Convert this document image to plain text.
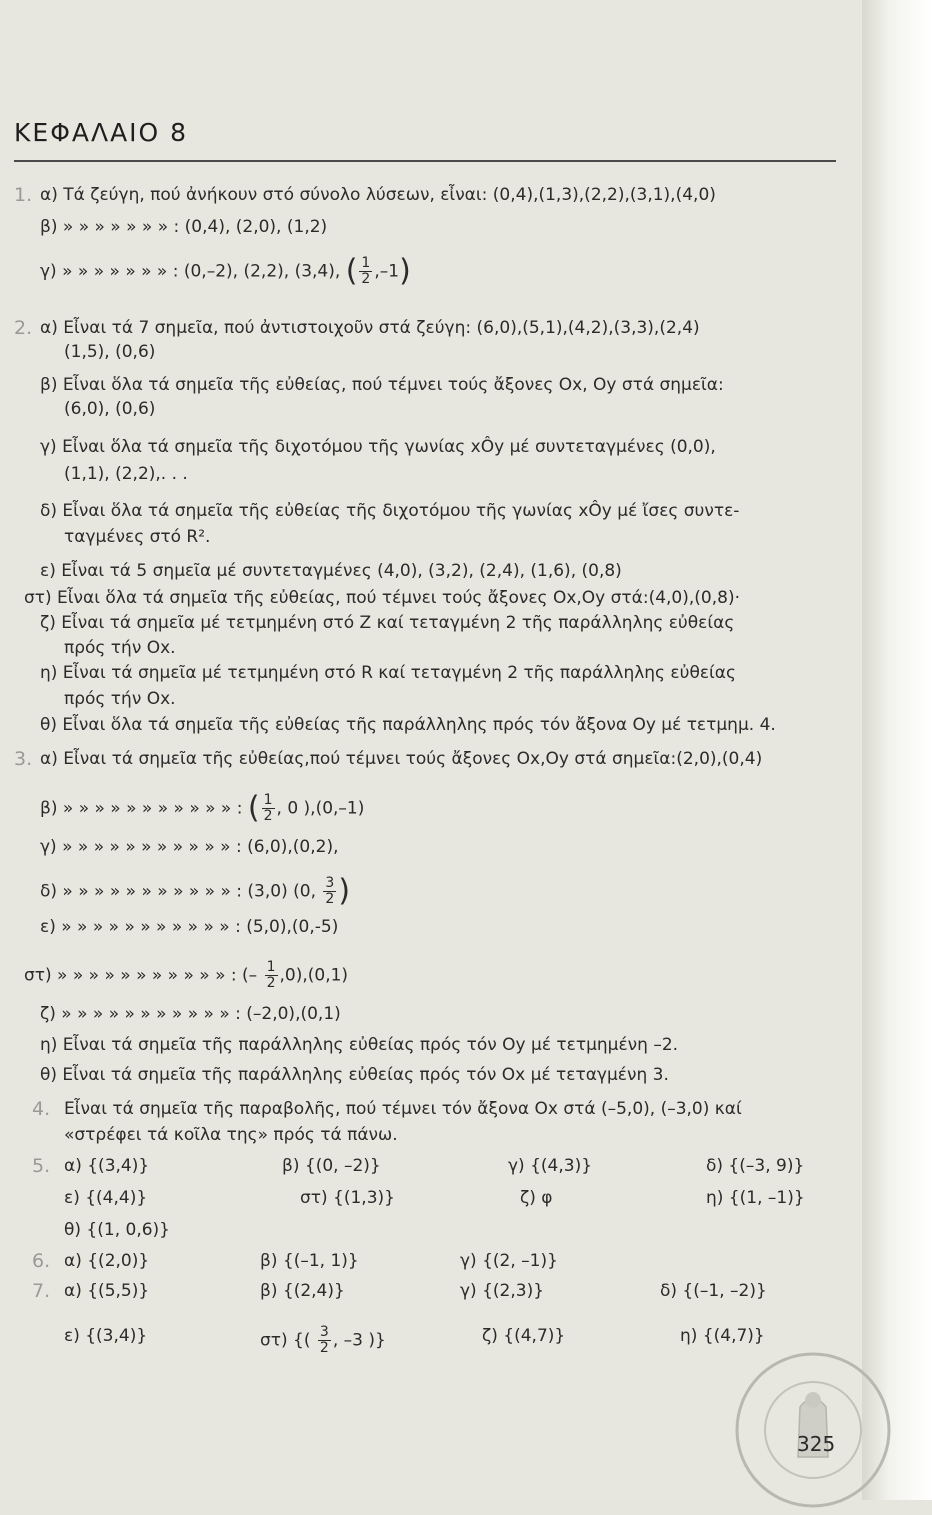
ΚΕΦΑΛΑΙΟ 8
1. α) Τά ζεύγη, πού ἀνήκουν στό σύνολο λύσεων, εἶναι: (0,4),(1,3),(2,2),(3,1),(4,0)
β) » » » » » » » : (0,4), (2,0), (1,2)
γ) » » » » » » » : (0,–2), (2,2), (3,4), ( $\frac{1}{2} ,-1$)
2. α) Εἶναι τά 7 σημεῖα, πού ἀντιστοιχοῦν στά ζεύγη: (6,0),(5,1),(4,2),(3,3),(2,4)
(1,5), (0,6)
β) Εἶναι ὅλα τά σημεῖα τῆς εὐθείας, πού τέμνει τούς ἄξονες Ox, Oy στά σημεῖα:
(6,0), (0,6)
γ) Εἶναι ὅλα τά σημεῖα τῆς διχοτόμου τῆς γωνίας xÔy μέ συντεταγμένες (0,0),
(1,1), (2,2),. . .
δ) Εἶναι ὅλα τά σημεῖα τῆς εὐθείας τῆς διχοτόμου τῆς γωνίας xÔy μέ ἴσες συντε-
ταγμένες στό R².
ε) Εἶναι τά 5 σημεῖα μέ συντεταγμένες (4,0), (3,2), (2,4), (1,6), (0,8)
στ) Εἶναι ὅλα τά σημεῖα τῆς εὐθείας, πού τέμνει τούς ἄξονες Ox,Oy στά:(4,0),(0,8)·
ζ) Εἶναι τά σημεῖα μέ τετμημένη στό Z καί τεταγμένη 2 τῆς παράλληλης εὐθείας
πρός τήν Ox.
η) Εἶναι τά σημεῖα μέ τετμημένη στό R καί τεταγμένη 2 τῆς παράλληλης εὐθείας
πρός τήν Ox.
θ) Εἶναι ὅλα τά σημεῖα τῆς εὐθείας τῆς παράλληλης πρός τόν ἄξονα Oy μέ τετμημ. 4.
3. α) Εἶναι τά σημεῖα τῆς εὐθείας,πού τέμνει τούς ἄξονες Ox,Oy στά σημεῖα:(2,0),(0,4)
β) » » » » » » » » » » » : ( $\frac{1}{2}$ , 0 ),(0,–1)
γ) » » » » » » » » » » » : (6,0),(0,2),
δ) » » » » » » » » » » » : (3,0) (0, $\frac{3}{2}$ )
ε) » » » » » » » » » » » : (5,0),(0,-5)
στ) » » » » » » » » » » » : (– $\frac{1}{2} ,0),(0,1)$
ζ) » » » » » » » » » » » : (–2,0),(0,1)
η) Εἶναι τά σημεῖα τῆς παράλληλης εὐθείας πρός τόν Oy μέ τετμημένη –2.
θ) Εἶναι τά σημεῖα τῆς παράλληλης εὐθείας πρός τόν Ox μέ τεταγμένη 3.
4. Εἶναι τά σημεῖα τῆς παραβολῆς, πού τέμνει τόν ἄξονα Ox στά (–5,0), (–3,0) καί
«στρέφει τά κοῖλα της» πρός τά πάνω.
5. α) {(3,4)}	β) {(0, –2)}	γ) {(4,3)}	δ) {(–3, 9)}
ε) {(4,4)}	στ) {(1,3)}	ζ) φ	η) {(1, –1)}
θ) {(1, 0,6)}
6. α) {(2,0)}	β) {(–1, 1)}	γ) {(2, –1)}
7. α) {(5,5)}	β) {(2,4)}	γ) {(2,3)}	δ) {(–1, –2)}
ε) {(3,4)}	στ) {( $\frac{3}{2}$ , –3 )}	ζ) {(4,7)}	η) {(4,7)}
325
